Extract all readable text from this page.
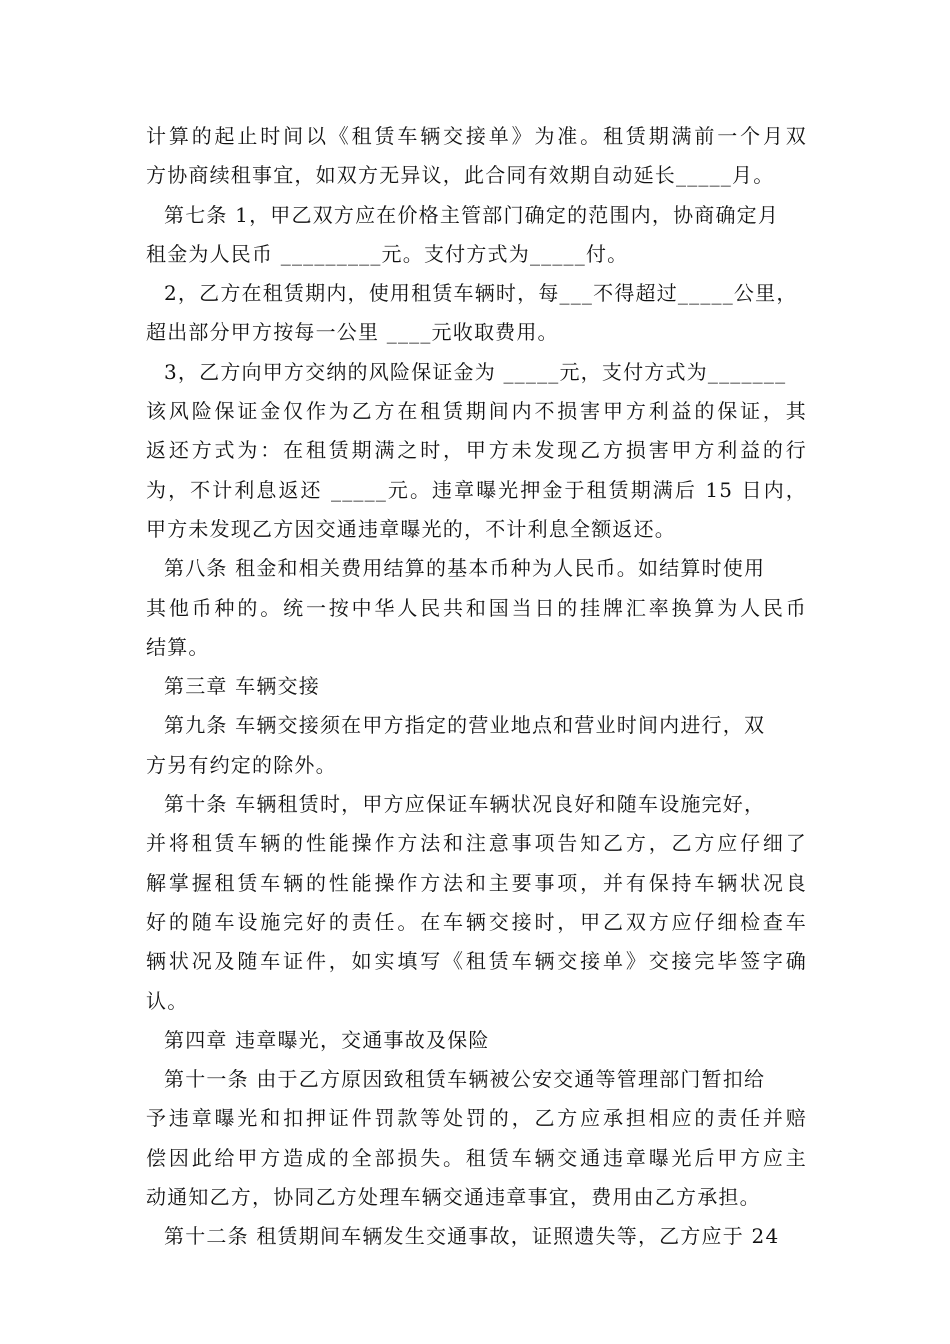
计算的起止时间以《租赁车辆交接单》为准。租赁期满前一个月双
方协商续租事宜，如双方无异议，此合同有效期自动延长_____月。
第七条 1，甲乙双方应在价格主管部门确定的范围内，协商确定月
租金为人民币 _________元。支付方式为_____付。
2，乙方在租赁期内，使用租赁车辆时，每___不得超过_____公里，
超出部分甲方按每一公里 ____元收取费用。
3，乙方向甲方交纳的风险保证金为 _____元，支付方式为_______
该风险保证金仅作为乙方在租赁期间内不损害甲方利益的保证，其
返还方式为：在租赁期满之时，甲方未发现乙方损害甲方利益的行
为，不计利息返还 _____元。违章曝光押金于租赁期满后 15 日内，
甲方未发现乙方因交通违章曝光的，不计利息全额返还。
第八条 租金和相关费用结算的基本币种为人民币。如结算时使用
其他币种的。统一按中华人民共和国当日的挂牌汇率换算为人民币
结算。
第三章 车辆交接
第九条 车辆交接须在甲方指定的营业地点和营业时间内进行，双
方另有约定的除外。
第十条 车辆租赁时，甲方应保证车辆状况良好和随车设施完好，
并将租赁车辆的性能操作方法和注意事项告知乙方，乙方应仔细了
解掌握租赁车辆的性能操作方法和主要事项，并有保持车辆状况良
好的随车设施完好的责任。在车辆交接时，甲乙双方应仔细检查车
辆状况及随车证件，如实填写《租赁车辆交接单》交接完毕签字确
认。
第四章 违章曝光，交通事故及保险
第十一条 由于乙方原因致租赁车辆被公安交通等管理部门暂扣给
予违章曝光和扣押证件罚款等处罚的，乙方应承担相应的责任并赔
偿因此给甲方造成的全部损失。租赁车辆交通违章曝光后甲方应主
动通知乙方，协同乙方处理车辆交通违章事宜，费用由乙方承担。
第十二条 租赁期间车辆发生交通事故，证照遗失等，乙方应于 24
